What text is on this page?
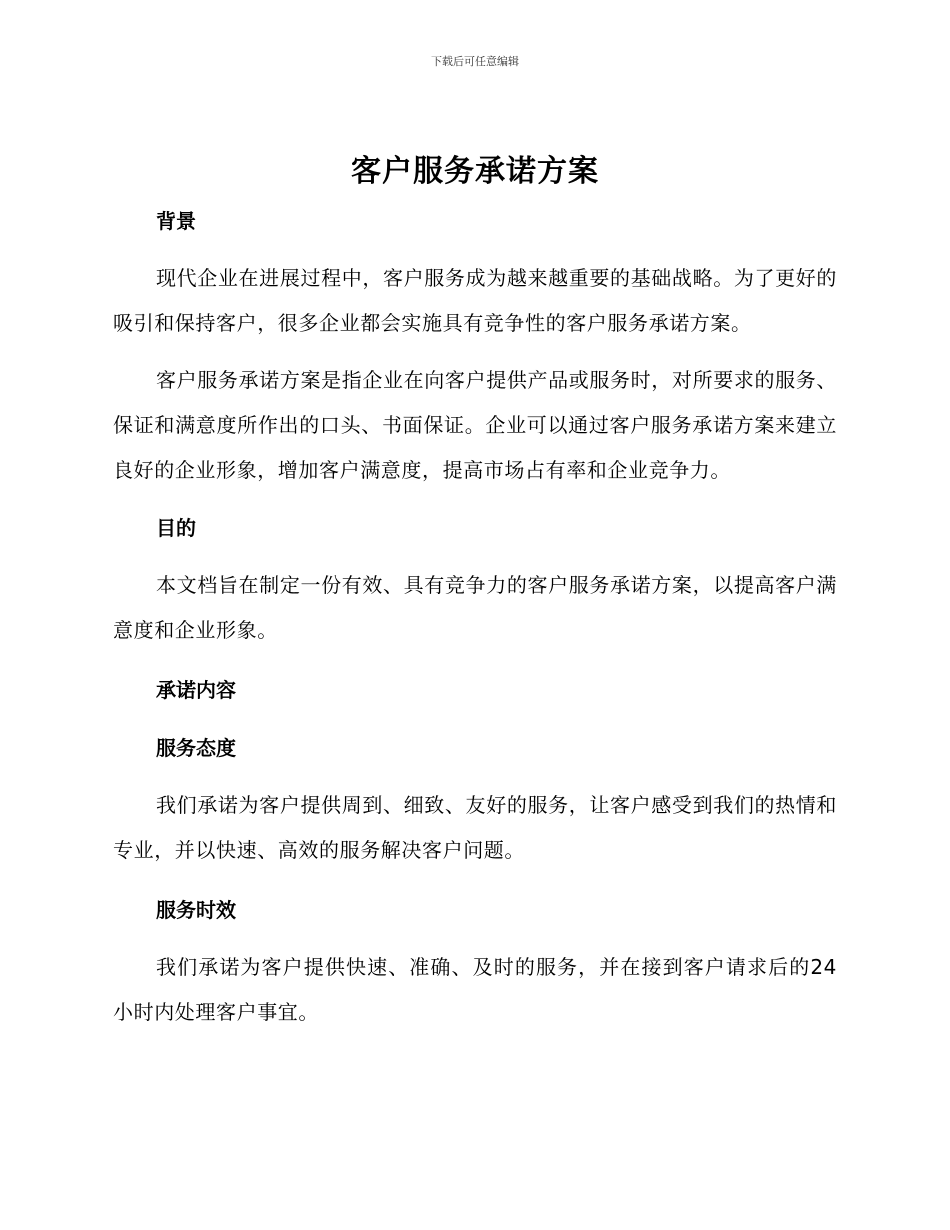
下载后可任意编辑
客户服务承诺方案
背景

现代企业在进展过程中，客户服务成为越来越重要的基础战略。为了更好的吸引和保持客户，很多企业都会实施具有竞争性的客户服务承诺方案。

客户服务承诺方案是指企业在向客户提供产品或服务时，对所要求的服务、保证和满意度所作出的口头、书面保证。企业可以通过客户服务承诺方案来建立良好的企业形象，增加客户满意度，提高市场占有率和企业竞争力。

目的

本文档旨在制定一份有效、具有竞争力的客户服务承诺方案，以提高客户满意度和企业形象。

承诺内容
服务态度

我们承诺为客户提供周到、细致、友好的服务，让客户感受到我们的热情和专业，并以快速、高效的服务解决客户问题。

服务时效

我们承诺为客户提供快速、准确、及时的服务，并在接到客户请求后的24小时内处理客户事宜。
